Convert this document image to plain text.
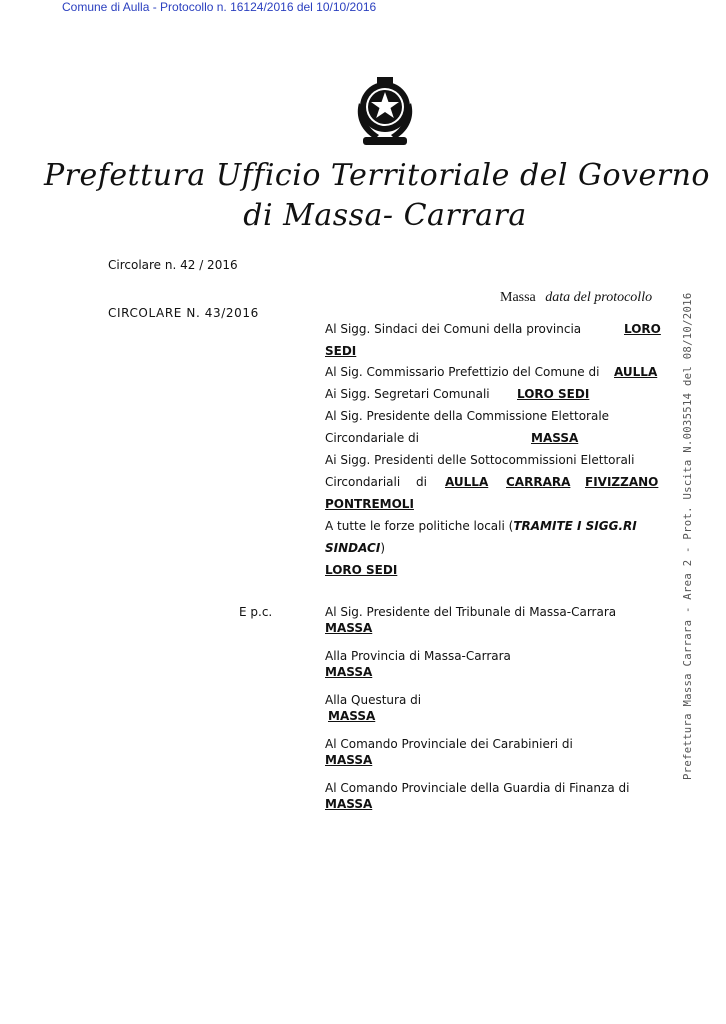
Comune di Aulla - Protocollo n. 16124/2016 del 10/10/2016
Prefettura Massa Carrara - Area 2 - Prot. Uscita N.0035514 del 08/10/2016
Prefettura Ufficio Territoriale del Governo
di Massa- Carrara
Circolare n. 42 / 2016
CIRCOLARE N. 43/2016
Massa data del protocollo
Al Sigg. Sindaci dei Comuni della provincia	LORO
SEDI
Al Sig. Commissario Prefettizio del Comune di AULLA
Ai Sigg. Segretari Comunali LORO SEDI
Al Sig. Presidente della Commissione Elettorale
Circondariale di	MASSA
Ai Sigg. Presidenti delle Sottocommissioni Elettorali
Circondariali di AULLA CARRARA FIVIZZANO
PONTREMOLI
A tutte le forze politiche locali (TRAMITE I SIGG.RI
SINDACI)
LORO SEDI
E p.c.	Al Sig. Presidente del Tribunale di Massa-Carrara
MASSA
Alla Provincia di Massa-Carrara
MASSA
Alla Questura di
MASSA
Al Comando Provinciale dei Carabinieri di
MASSA
Al Comando Provinciale della Guardia di Finanza di
MASSA
